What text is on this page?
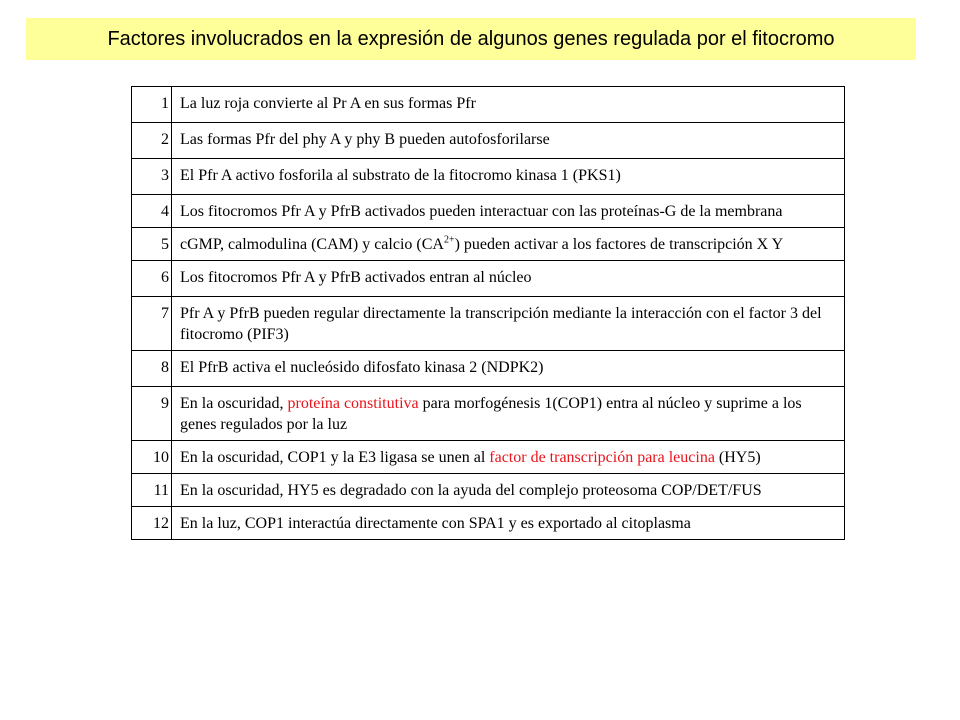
Factores involucrados en la expresión de algunos genes regulada por el fitocromo
1	La luz roja convierte al Pr A en sus formas Pfr
2	Las formas Pfr del phy A y phy B pueden autofosforilarse
3	El Pfr A activo fosforila al substrato de la fitocromo kinasa 1 (PKS1)
4	Los fitocromos Pfr A y PfrB activados pueden interactuar con las proteínas-G de la membrana
5	cGMP, calmodulina (CAM) y calcio $(CA^{2+})$ pueden activar a los factores de transcripción X Y
6	Los fitocromos Pfr A y PfrB activados entran al núcleo
7	Pfr A y PfrB pueden regular directamente la transcripción mediante la interacción con el factor 3 del fitocromo (PIF3)
8	El PfrB activa el nucleósido difosfato kinasa 2 (NDPK2)
9	En la oscuridad, proteína constitutiva para morfogénesis 1(COP1) entra al núcleo y suprime a los genes regulados por la luz
10	En la oscuridad, COP1 y la E3 ligasa se unen al factor de transcripción para leucina (HY5)
11	En la oscuridad, HY5 es degradado con la ayuda del complejo proteosoma COP/DET/FUS
12	En la luz, COP1 interactúa directamente con SPA1 y es exportado al citoplasma
